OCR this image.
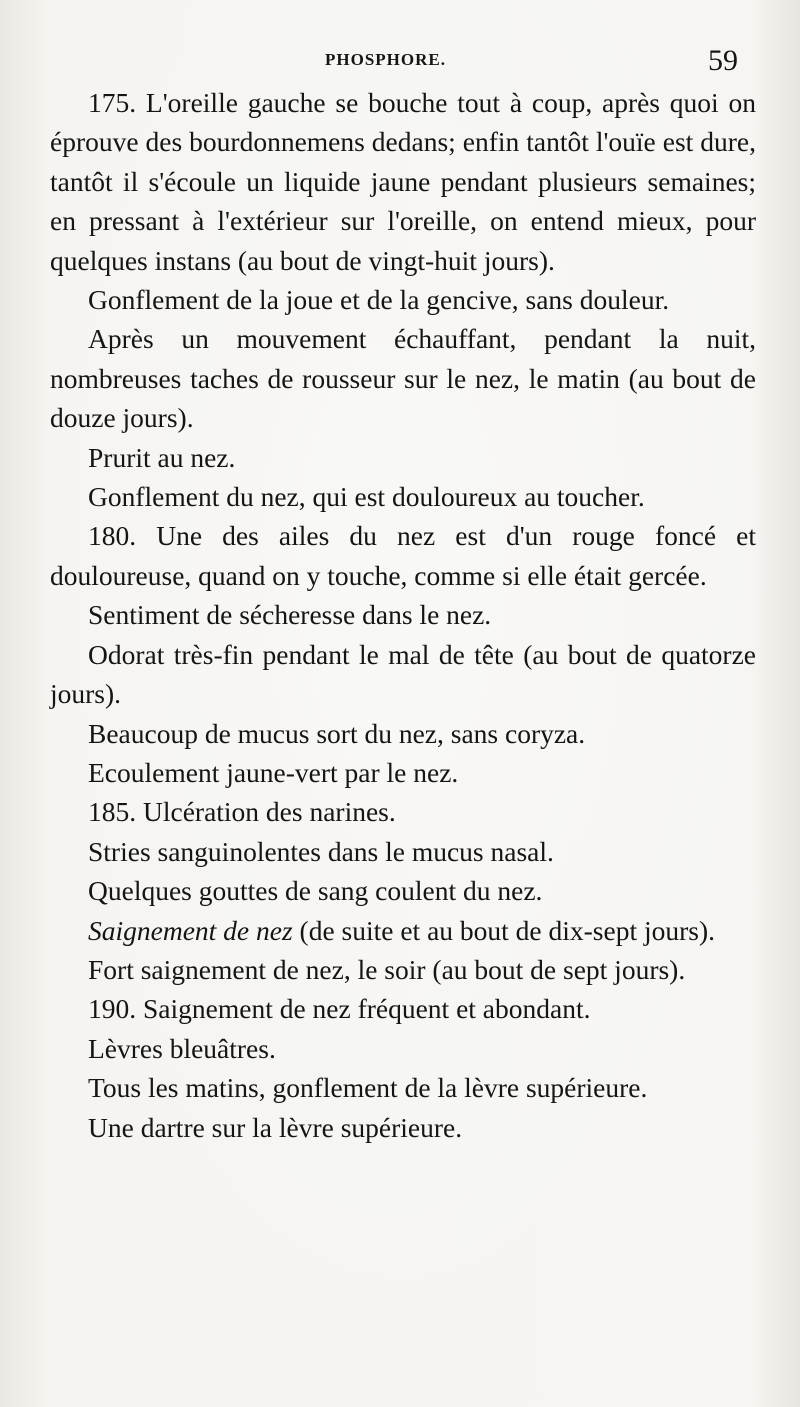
PHOSPHORE.	59

175. L'oreille gauche se bouche tout à coup, après quoi on éprouve des bourdonnemens dedans; enfin tantôt l'ouïe est dure, tantôt il s'écoule un liquide jaune pendant plusieurs semaines; en pressant à l'extérieur sur l'oreille, on entend mieux, pour quelques instans (au bout de vingt-huit jours).

Gonflement de la joue et de la gencive, sans douleur.

Après un mouvement échauffant, pendant la nuit, nombreuses taches de rousseur sur le nez, le matin (au bout de douze jours).

Prurit au nez.

Gonflement du nez, qui est douloureux au toucher.

180. Une des ailes du nez est d'un rouge foncé et douloureuse, quand on y touche, comme si elle était gercée.

Sentiment de sécheresse dans le nez.

Odorat très-fin pendant le mal de tête (au bout de quatorze jours).

Beaucoup de mucus sort du nez, sans coryza.

Ecoulement jaune-vert par le nez.

185. Ulcération des narines.

Stries sanguinolentes dans le mucus nasal.

Quelques gouttes de sang coulent du nez.

Saignement de nez (de suite et au bout de dix-sept jours).

Fort saignement de nez, le soir (au bout de sept jours).

190. Saignement de nez fréquent et abondant.

Lèvres bleuâtres.

Tous les matins, gonflement de la lèvre supérieure.

Une dartre sur la lèvre supérieure.
